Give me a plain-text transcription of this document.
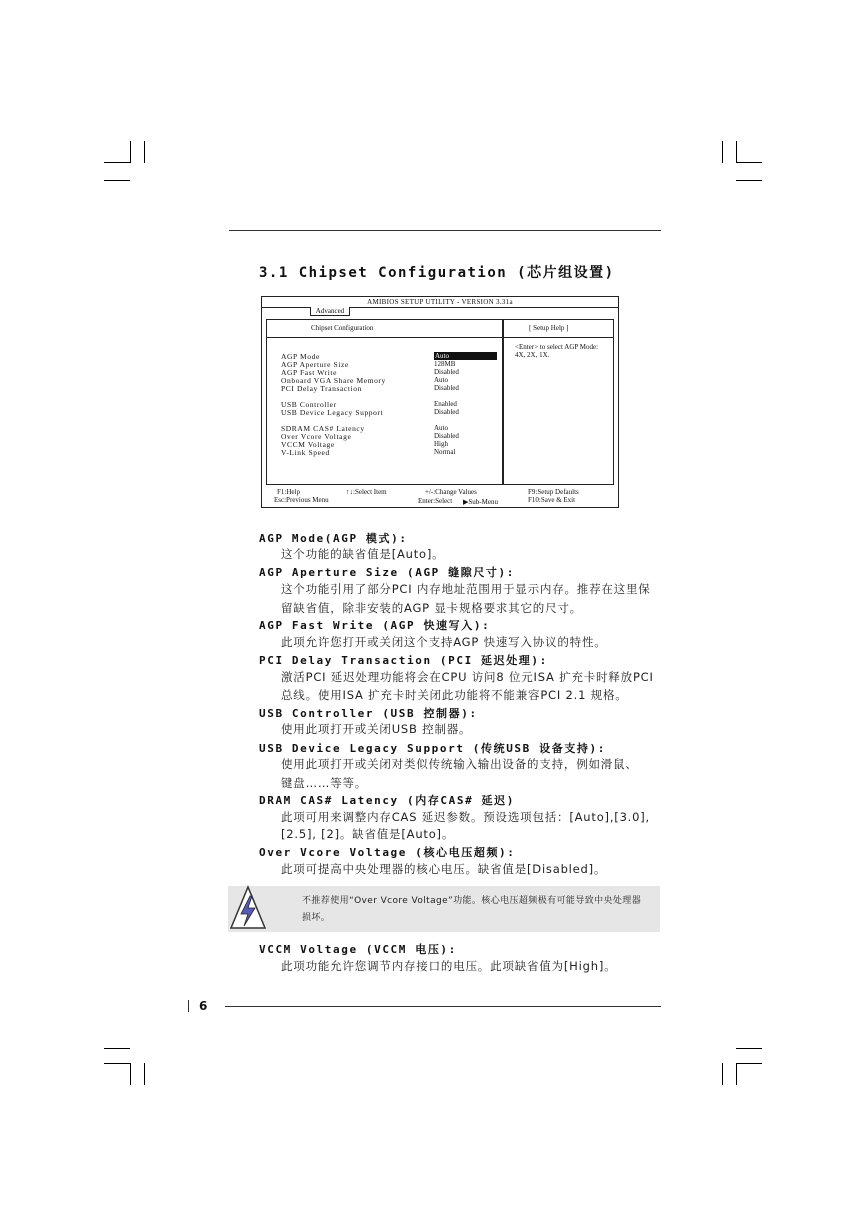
3.1 Chipset Configuration (芯片组设置)
AMIBIOS SETUP UTILITY - VERSION 3.31a
Advanced
Chipset Configuration
AGP Mode	Auto
AGP Aperture Size	128MB
AGP Fast Write	Disabled
Onboard VGA Share Memory	Auto
PCI Delay Transaction	Disabled
USB Controller	Enabled
USB Device Legacy Support	Disabled
SDRAM CAS# Latency	Auto
Over Vcore Voltage	Disabled
VCCM Voltage	High
V-Link Speed	Normal
[ Setup Help ]
<Enter> to select AGP Mode: 4X, 2X, 1X.
F1:Help
Esc:Previous Menu
↑↓:Select Item	+/-:Change Values
Enter:Select ▶Sub-Menu
F9:Setup Defaults
F10:Save & Exit
AGP Mode(AGP 模式):
这个功能的缺省值是[Auto]。
AGP Aperture Size (AGP 缝隙尺寸):
这个功能引用了部分PCI 内存地址范围用于显示内存。推荐在这里保
留缺省值，除非安装的AGP 显卡规格要求其它的尺寸。
AGP Fast Write (AGP 快速写入):
此项允许您打开或关闭这个支持AGP 快速写入协议的特性。
PCI Delay Transaction (PCI 延迟处理):
激活PCI 延迟处理功能将会在CPU 访问8 位元ISA 扩充卡时释放PCI
总线。使用ISA 扩充卡时关闭此功能将不能兼容PCI 2.1 规格。
USB Controller (USB 控制器):
使用此项打开或关闭USB 控制器。
USB Device Legacy Support (传统USB 设备支持):
使用此项打开或关闭对类似传统输入输出设备的支持，例如滑鼠、
键盘……等等。
DRAM CAS# Latency (内存CAS# 延迟)
此项可用来调整内存CAS 延迟参数。预设选项包括：[Auto],[3.0],
[2.5], [2]。缺省值是[Auto]。
Over Vcore Voltage (核心电压超频):
此项可提高中央处理器的核心电压。缺省值是[Disabled]。
不推荐使用“Over Vcore Voltage”功能。核心电压超频极有可能导致中央处理器损坏。
VCCM Voltage (VCCM 电压):
此项功能允许您调节内存接口的电压。此项缺省值为[High]。
6
